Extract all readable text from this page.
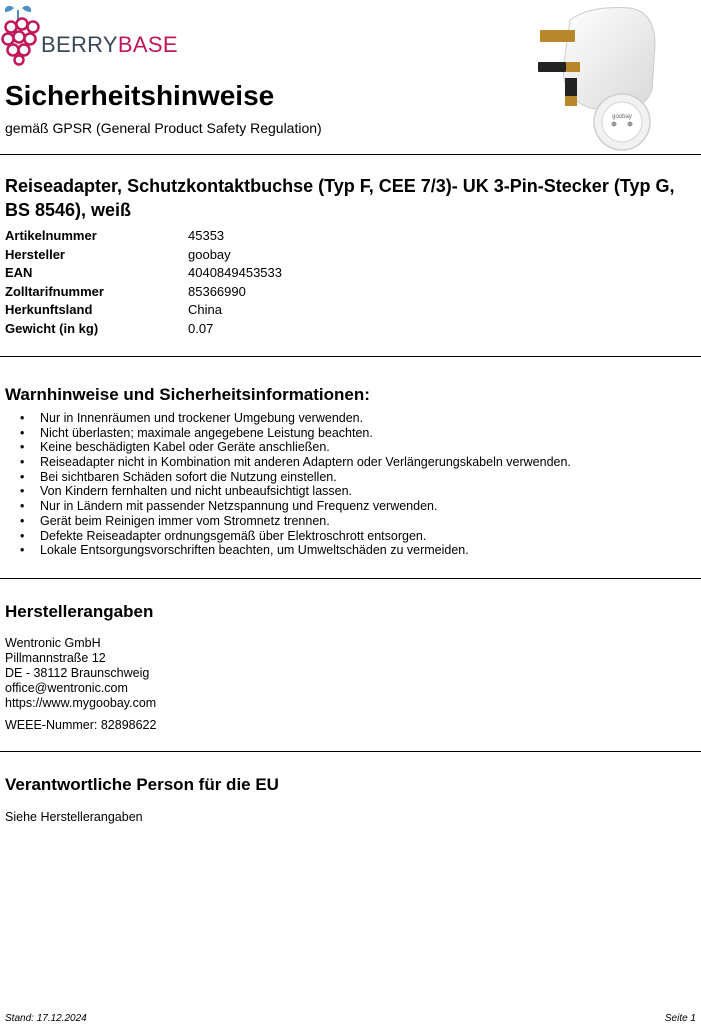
BERRYBASE
goobay
Sicherheitshinweise
gemäß GPSR (General Product Safety Regulation)
Reiseadapter, Schutzkontaktbuchse (Typ F, CEE 7/3)- UK 3-Pin-Stecker (Typ G, BS 8546), weiß
Artikelnummer	45353
Hersteller	goobay
EAN	4040849453533
Zolltarifnummer	85366990
Herkunftsland	China
Gewicht (in kg)	0.07
Warnhinweise und Sicherheitsinformationen:
• Nur in Innenräumen und trockener Umgebung verwenden.
• Nicht überlasten; maximale angegebene Leistung beachten.
• Keine beschädigten Kabel oder Geräte anschließen.
• Reiseadapter nicht in Kombination mit anderen Adaptern oder Verlängerungskabeln verwenden.
• Bei sichtbaren Schäden sofort die Nutzung einstellen.
• Von Kindern fernhalten und nicht unbeaufsichtigt lassen.
• Nur in Ländern mit passender Netzspannung und Frequenz verwenden.
• Gerät beim Reinigen immer vom Stromnetz trennen.
• Defekte Reiseadapter ordnungsgemäß über Elektroschrott entsorgen.
• Lokale Entsorgungsvorschriften beachten, um Umweltschäden zu vermeiden.
Herstellerangaben
Wentronic GmbH
Pillmannstraße 12
DE - 38112 Braunschweig
office@wentronic.com
https://www.mygoobay.com
WEEE-Nummer: 82898622
Verantwortliche Person für die EU
Siehe Herstellerangaben
Stand: 17.12.2024	Seite 1
